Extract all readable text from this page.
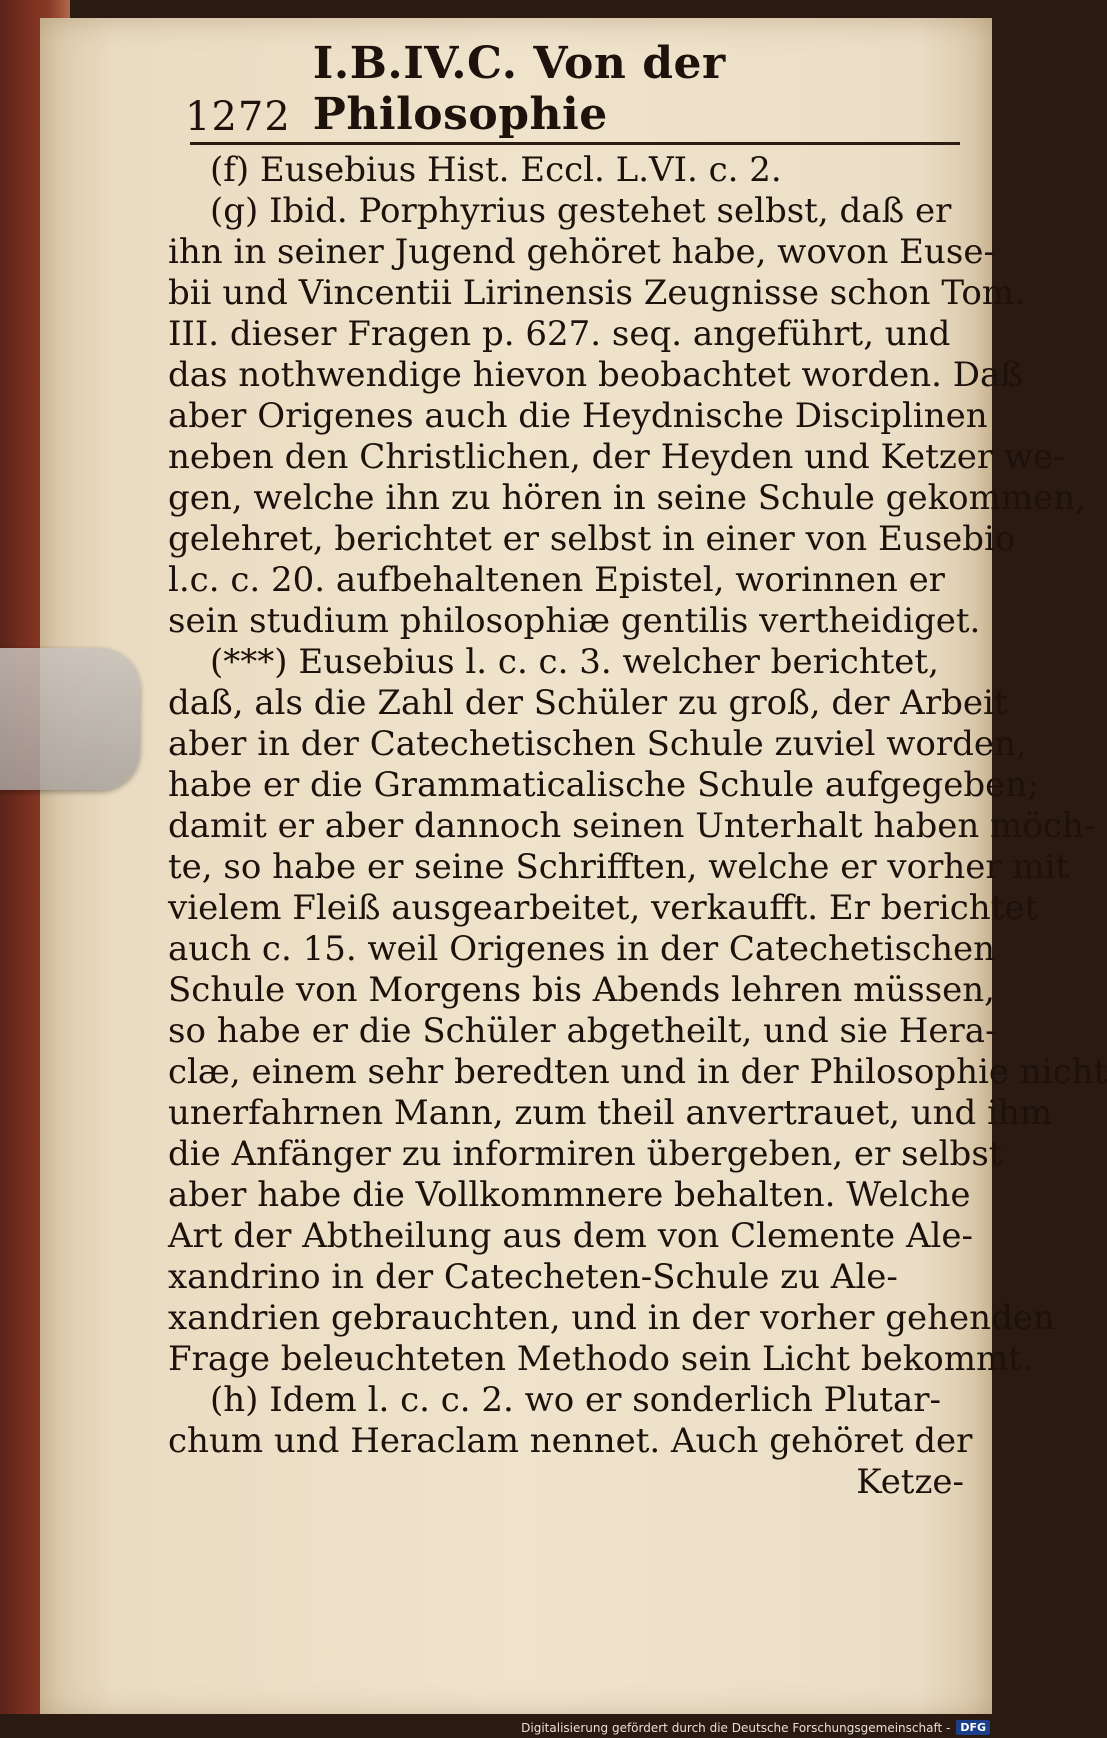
1272
I.B.IV.C. Von der Philosophie
(f) Eusebius Hist. Eccl. L.VI. c. 2.
(g) Ibid. Porphyrius gestehet selbst, daß er
ihn in seiner Jugend gehöret habe, wovon Euse-
bii und Vincentii Lirinensis Zeugnisse schon Tom.
III. dieser Fragen p. 627. seq. angeführt, und
das nothwendige hievon beobachtet worden. Daß
aber Origenes auch die Heydnische Disciplinen
neben den Christlichen, der Heyden und Ketzer we-
gen, welche ihn zu hören in seine Schule gekommen,
gelehret, berichtet er selbst in einer von Eusebio
l.c. c. 20. aufbehaltenen Epistel, worinnen er
sein studium philosophiæ gentilis vertheidiget.
(***) Eusebius l. c. c. 3. welcher berichtet,
daß, als die Zahl der Schüler zu groß, der Arbeit
aber in der Catechetischen Schule zuviel worden,
habe er die Grammaticalische Schule aufgegeben;
damit er aber dannoch seinen Unterhalt haben möch-
te, so habe er seine Schrifften, welche er vorher mit
vielem Fleiß ausgearbeitet, verkaufft. Er berichtet
auch c. 15. weil Origenes in der Catechetischen
Schule von Morgens bis Abends lehren müssen,
so habe er die Schüler abgetheilt, und sie Hera-
clæ, einem sehr beredten und in der Philosophie nicht
unerfahrnen Mann, zum theil anvertrauet, und ihm
die Anfänger zu informiren übergeben, er selbst
aber habe die Vollkommnere behalten. Welche
Art der Abtheilung aus dem von Clemente Ale-
xandrino in der Catecheten-Schule zu Ale-
xandrien gebrauchten, und in der vorher gehenden
Frage beleuchteten Methodo sein Licht bekommt.
(h) Idem l. c. c. 2. wo er sonderlich Plutar-
chum und Heraclam nennet. Auch gehöret der
Ketze-
Digitalisierung gefördert durch die Deutsche Forschungsgemeinschaft - DFG
